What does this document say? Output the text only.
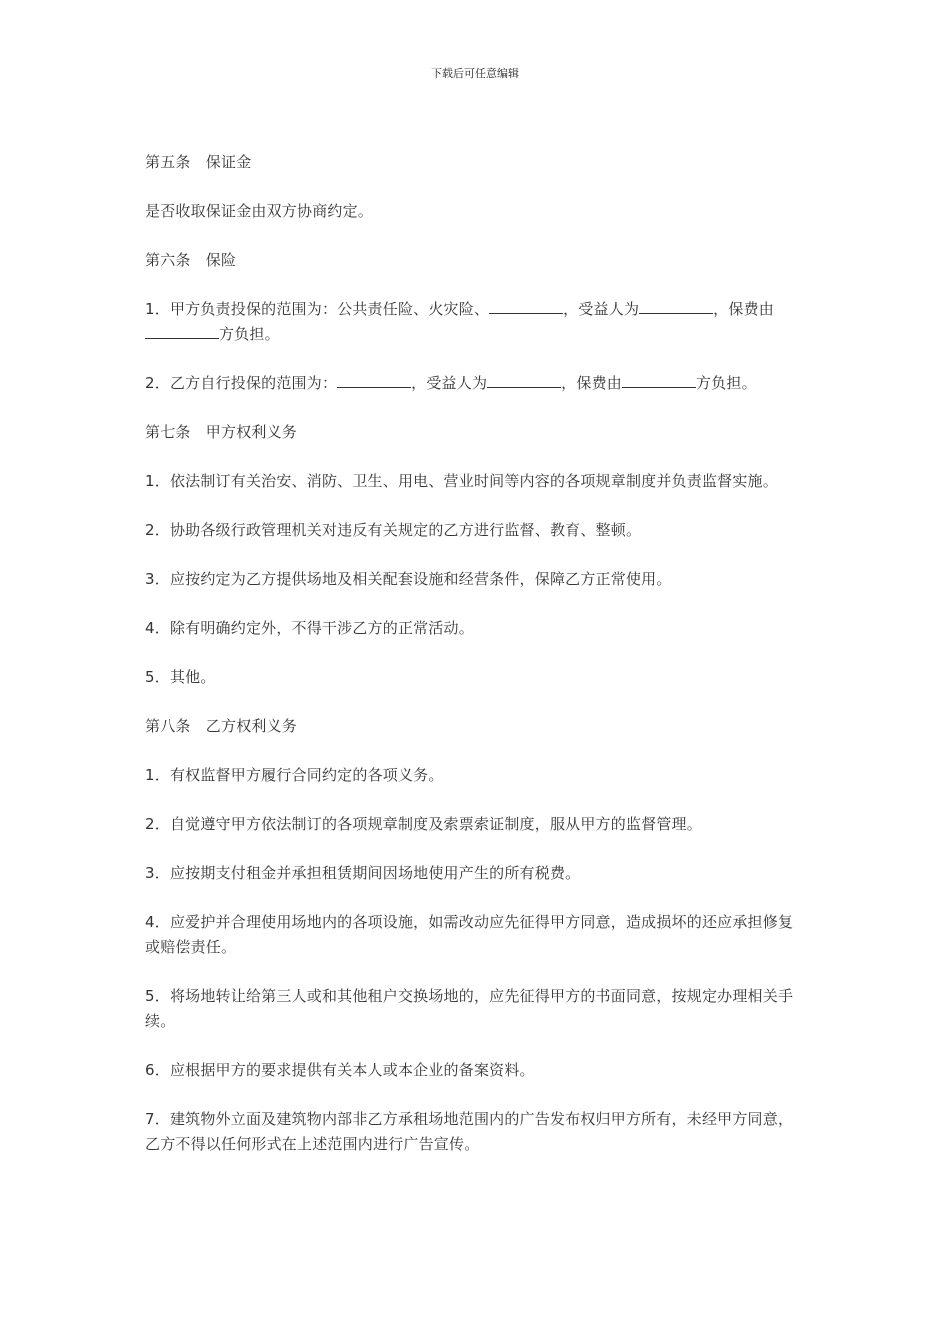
下载后可任意编辑

第五条　保证金

是否收取保证金由双方协商约定。

第六条　保险

1．甲方负责投保的范围为：公共责任险、火灾险、	，受益人为	，保费由方负担。

2．乙方自行投保的范围为：	，受益人为	，保费由	方负担。

第七条　甲方权利义务

1．依法制订有关治安、消防、卫生、用电、营业时间等内容的各项规章制度并负责监督实施。

2．协助各级行政管理机关对违反有关规定的乙方进行监督、教育、整顿。

3．应按约定为乙方提供场地及相关配套设施和经营条件，保障乙方正常使用。

4．除有明确约定外，不得干涉乙方的正常活动。

5．其他。

第八条　乙方权利义务

1．有权监督甲方履行合同约定的各项义务。

2．自觉遵守甲方依法制订的各项规章制度及索票索证制度，服从甲方的监督管理。

3．应按期支付租金并承担租赁期间因场地使用产生的所有税费。

4．应爱护并合理使用场地内的各项设施，如需改动应先征得甲方同意，造成损坏的还应承担修复或赔偿责任。

5．将场地转让给第三人或和其他租户交换场地的，应先征得甲方的书面同意，按规定办理相关手续。

6．应根据甲方的要求提供有关本人或本企业的备案资料。

7．建筑物外立面及建筑物内部非乙方承租场地范围内的广告发布权归甲方所有，未经甲方同意，乙方不得以任何形式在上述范围内进行广告宣传。
